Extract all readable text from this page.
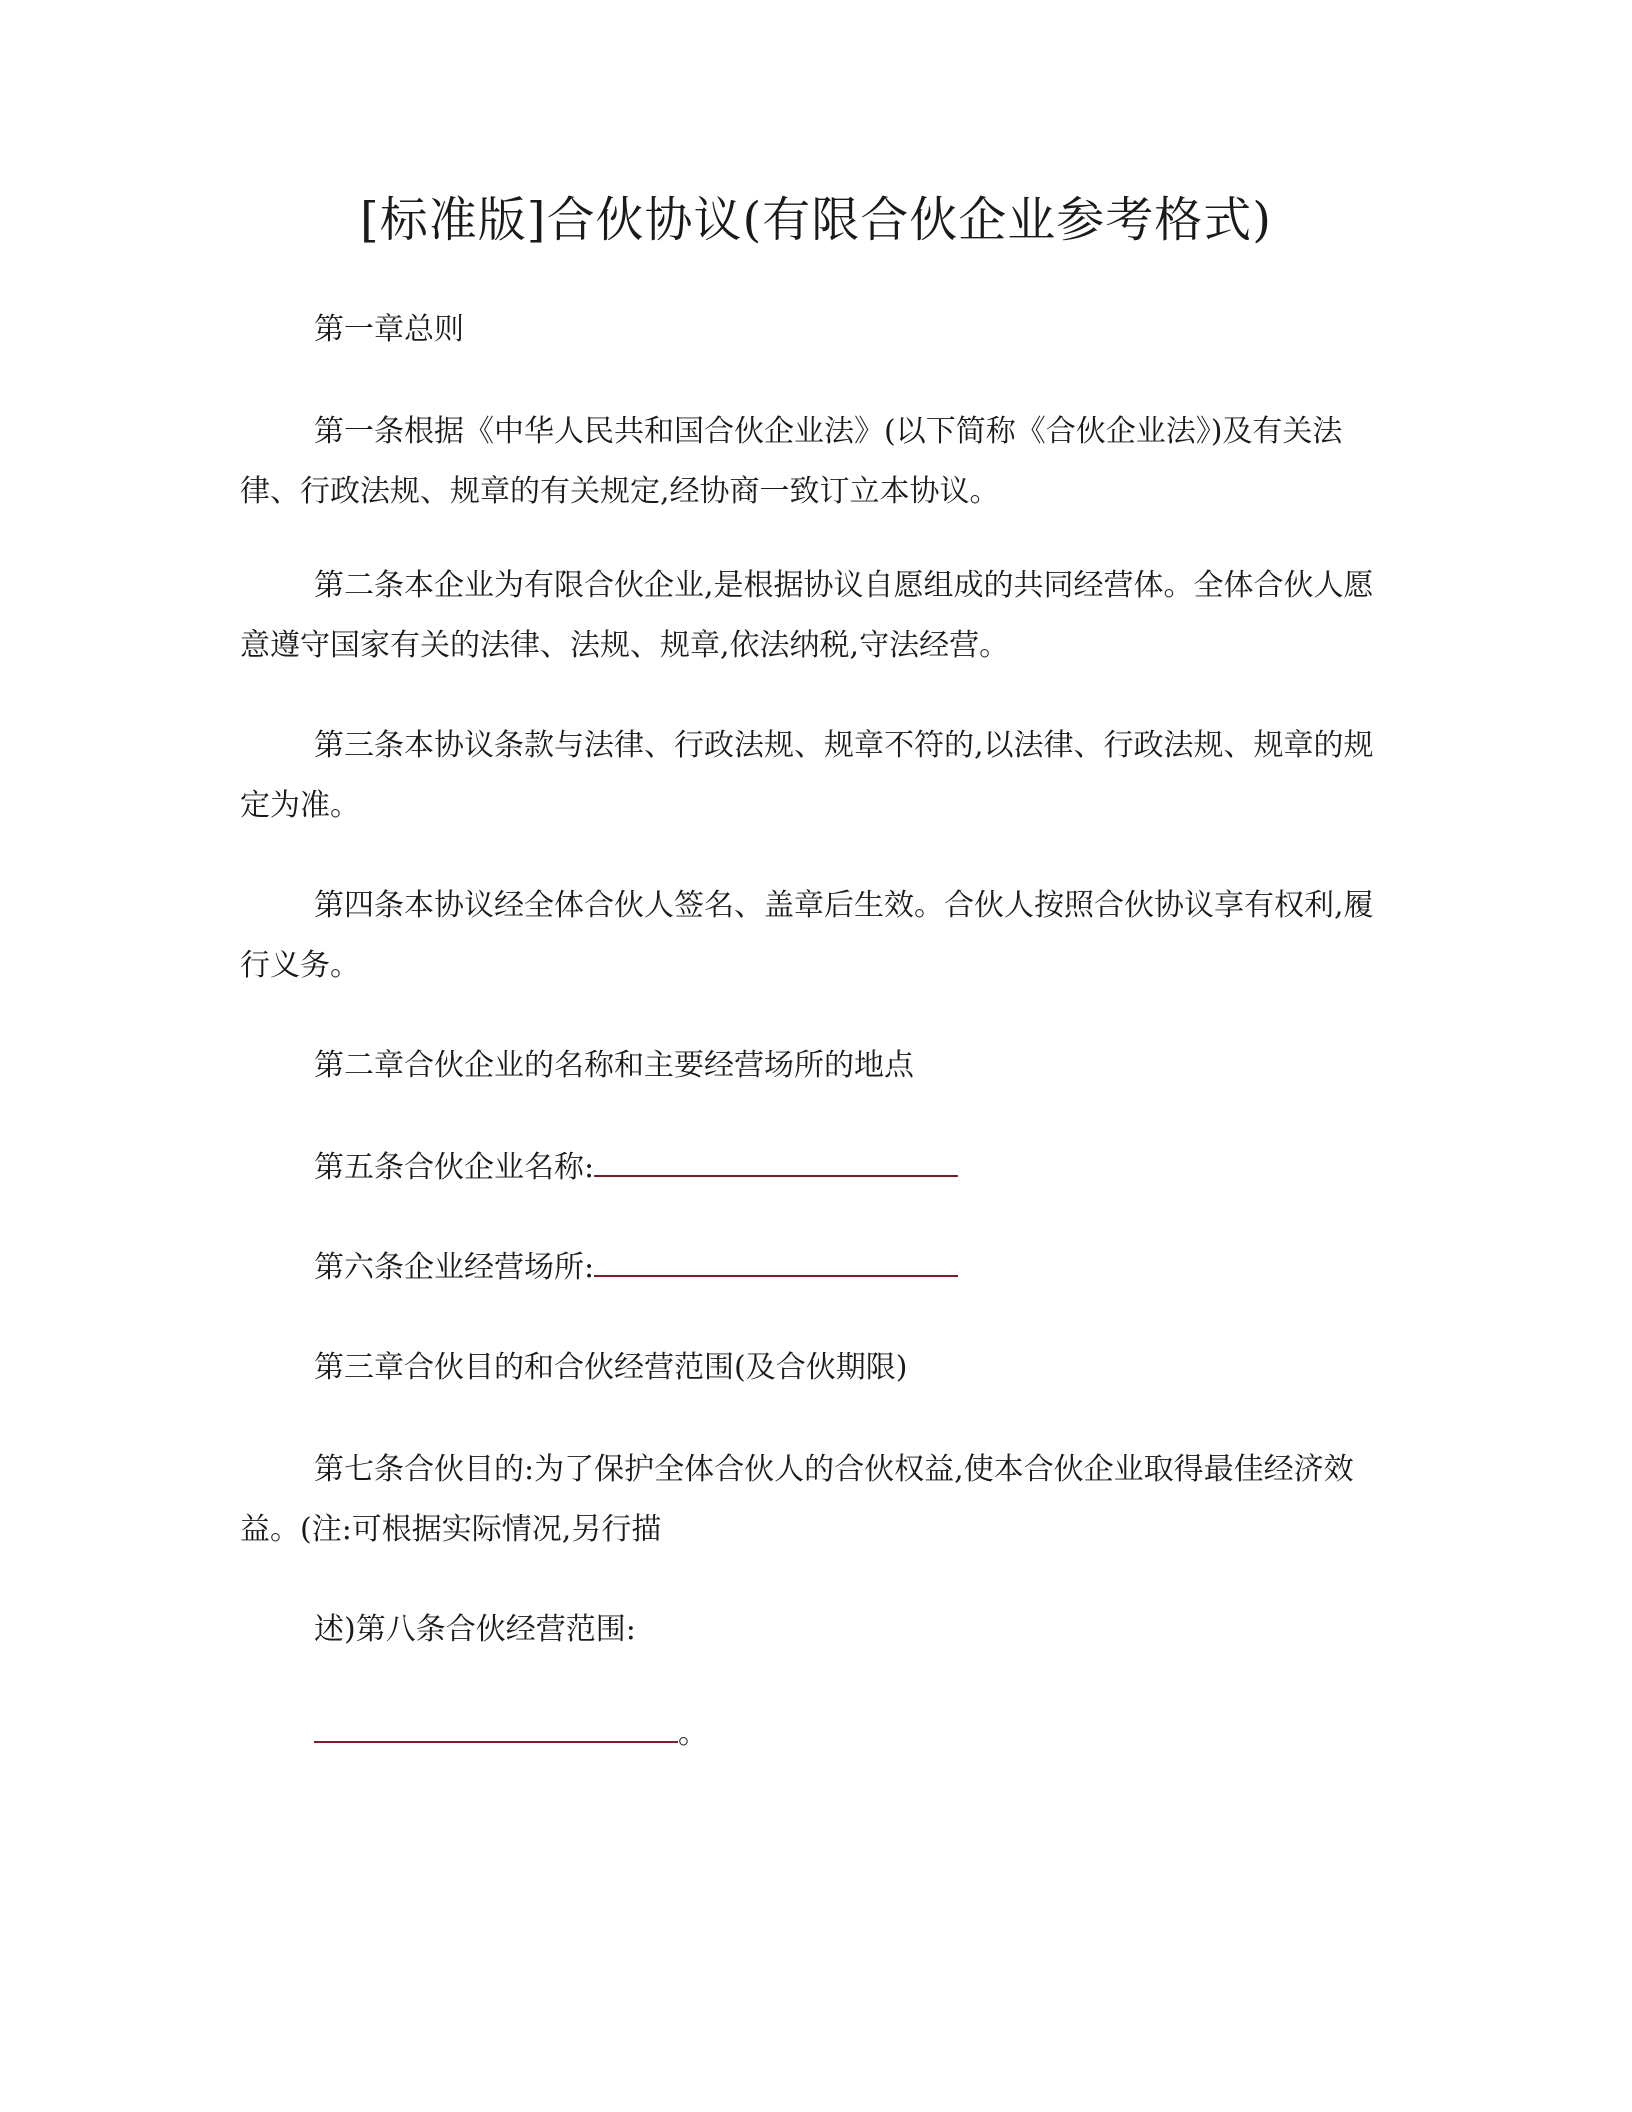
[标准版]合伙协议(有限合伙企业参考格式)
第一章总则
第一条根据《中华人民共和国合伙企业法》(以下简称《合伙企业法》)及有关法律、行政法规、规章的有关规定,经协商一致订立本协议。
第二条本企业为有限合伙企业,是根据协议自愿组成的共同经营体。全体合伙人愿意遵守国家有关的法律、法规、规章,依法纳税,守法经营。
第三条本协议条款与法律、行政法规、规章不符的,以法律、行政法规、规章的规定为准。
第四条本协议经全体合伙人签名、盖章后生效。合伙人按照合伙协议享有权利,履行义务。
第二章合伙企业的名称和主要经营场所的地点
第五条合伙企业名称:
第六条企业经营场所:
第三章合伙目的和合伙经营范围(及合伙期限)
第七条合伙目的:为了保护全体合伙人的合伙权益,使本合伙企业取得最佳经济效益。(注:可根据实际情况,另行描
述)第八条合伙经营范围:
。
